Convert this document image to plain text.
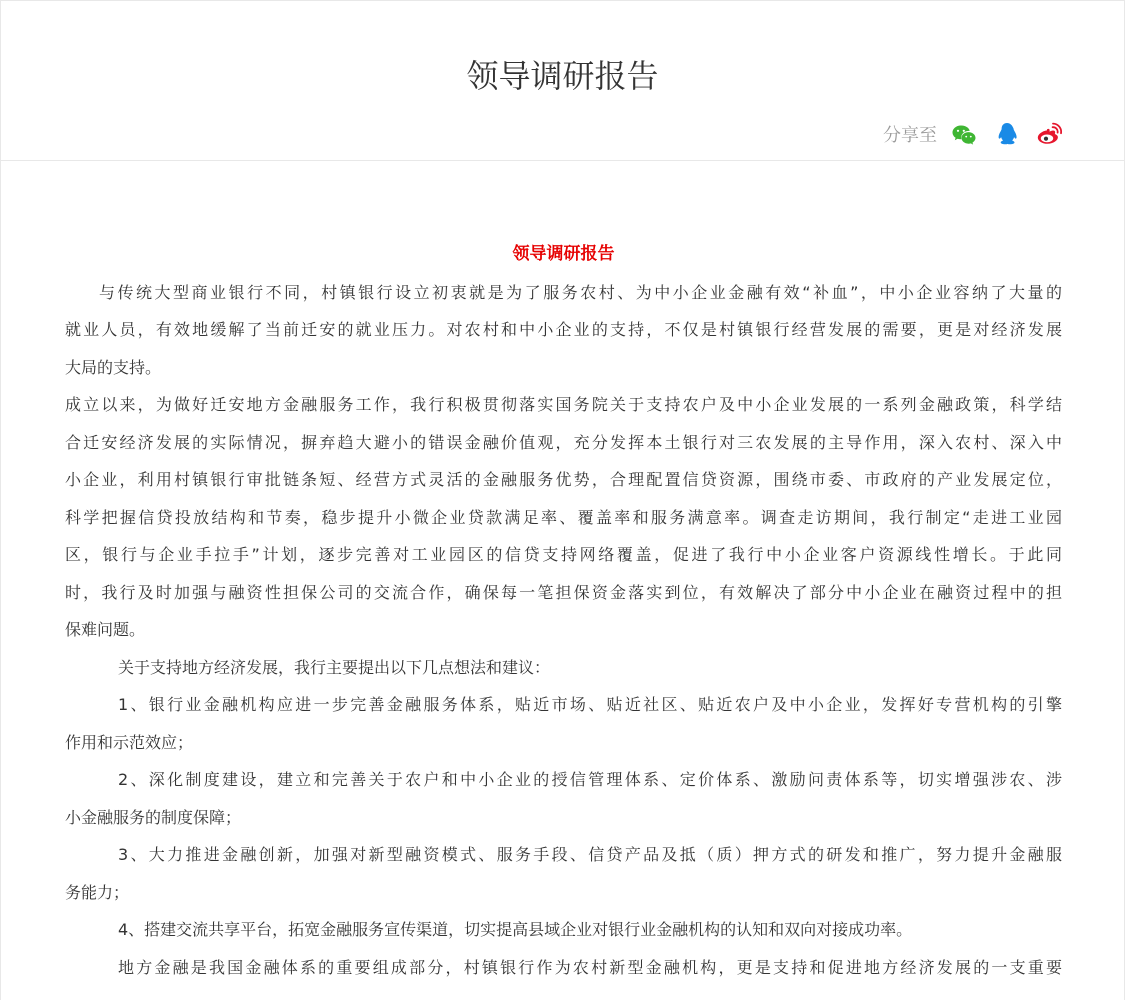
领导调研报告
分享至
领导调研报告
与传统大型商业银行不同，村镇银行设立初衷就是为了服务农村、为中小企业金融有效“补血”，中小企业容纳了大量的
就业人员，有效地缓解了当前迁安的就业压力。对农村和中小企业的支持，不仅是村镇银行经营发展的需要，更是对经济发展
大局的支持。
成立以来，为做好迁安地方金融服务工作，我行积极贯彻落实国务院关于支持农户及中小企业发展的一系列金融政策，科学结
合迁安经济发展的实际情况，摒弃趋大避小的错误金融价值观，充分发挥本土银行对三农发展的主导作用，深入农村、深入中
小企业，利用村镇银行审批链条短、经营方式灵活的金融服务优势，合理配置信贷资源，围绕市委、市政府的产业发展定位，
科学把握信贷投放结构和节奏，稳步提升小微企业贷款满足率、覆盖率和服务满意率。调查走访期间，我行制定“走进工业园
区，银行与企业手拉手”计划，逐步完善对工业园区的信贷支持网络覆盖，促进了我行中小企业客户资源线性增长。于此同
时，我行及时加强与融资性担保公司的交流合作，确保每一笔担保资金落实到位，有效解决了部分中小企业在融资过程中的担
保难问题。
关于支持地方经济发展，我行主要提出以下几点想法和建议：
1、银行业金融机构应进一步完善金融服务体系，贴近市场、贴近社区、贴近农户及中小企业，发挥好专营机构的引擎
作用和示范效应；
2、深化制度建设，建立和完善关于农户和中小企业的授信管理体系、定价体系、激励问责体系等，切实增强涉农、涉
小金融服务的制度保障；
3、大力推进金融创新，加强对新型融资模式、服务手段、信贷产品及抵（质）押方式的研发和推广，努力提升金融服
务能力；
4、搭建交流共享平台，拓宽金融服务宣传渠道，切实提高县域企业对银行业金融机构的认知和双向对接成功率。
地方金融是我国金融体系的重要组成部分，村镇银行作为农村新型金融机构，更是支持和促进地方经济发展的一支重要
